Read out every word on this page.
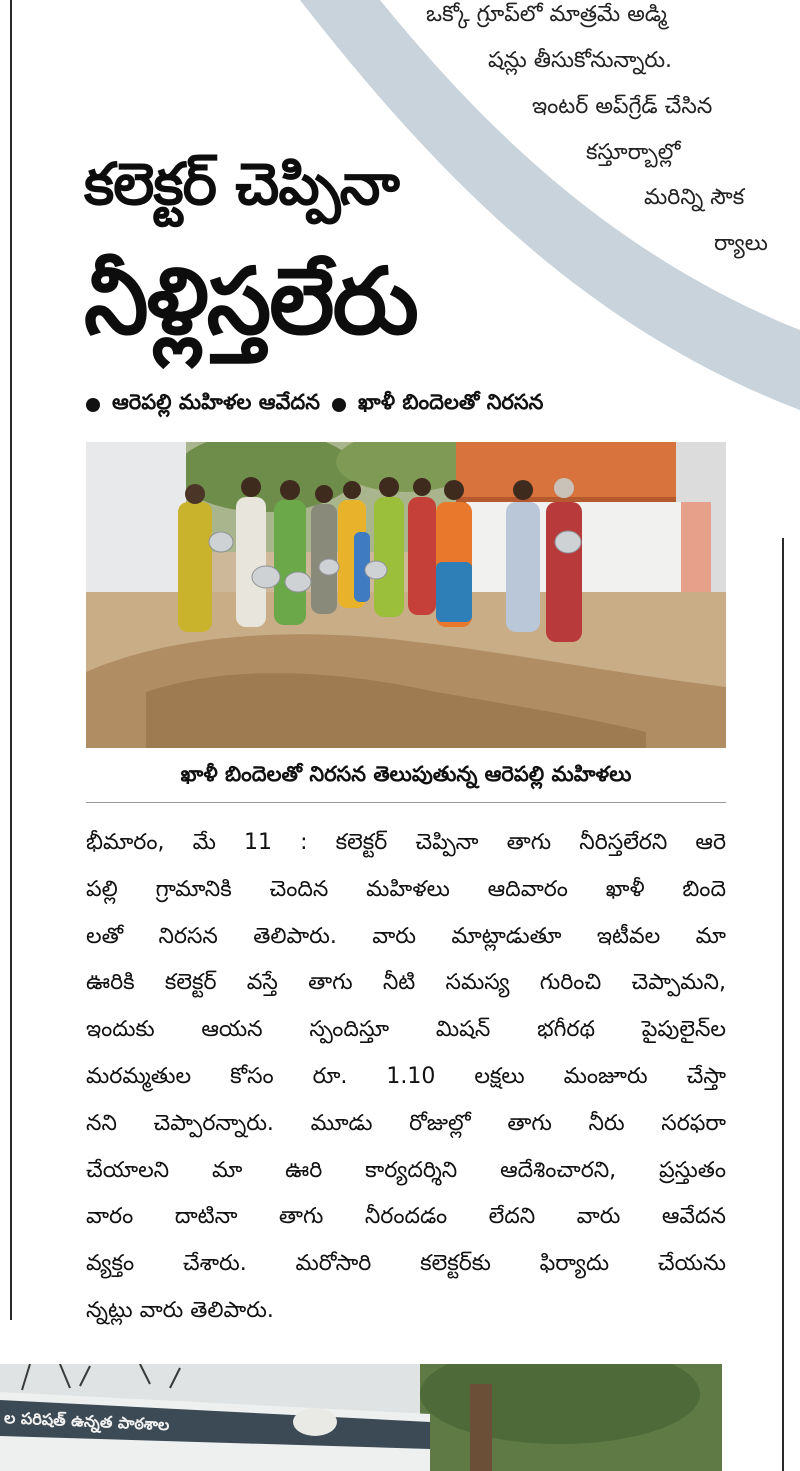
ఒక్కో గ్రూప్‌లో మాత్రమే అడ్మి
షన్లు తీసుకోనున్నారు.
ఇంటర్ అప్‌గ్రేడ్ చేసిన
కస్తూర్బాల్లో
మరిన్ని సౌక
ర్యాలు
కలెక్టర్ చెప్పినా
నీళ్లిస్తలేరు
ఆరెపల్లి మహిళల ఆవేదన ఖాళీ బిందెలతో నిరసన
ఖాళీ బిందెలతో నిరసన తెలుపుతున్న ఆరెపల్లి మహిళలు
భీమారం, మే 11 : కలెక్టర్ చెప్పినా తాగు నీరిస్తలేరని ఆరె
పల్లి గ్రామానికి చెందిన మహిళలు ఆదివారం ఖాళీ బిందె
లతో నిరసన తెలిపారు. వారు మాట్లాడుతూ ఇటీవల మా
ఊరికి కలెక్టర్ వస్తే తాగు నీటి సమస్య గురించి చెప్పామని,
ఇందుకు ఆయన స్పందిస్తూ మిషన్ భగీరథ పైపులైన్‌ల
మరమ్మతుల కోసం రూ. 1.10 లక్షలు మంజూరు చేస్తా
నని చెప్పారన్నారు. మూడు రోజుల్లో తాగు నీరు సరఫరా
చేయాలని మా ఊరి కార్యదర్శిని ఆదేశించారని, ప్రస్తుతం
వారం దాటినా తాగు నీరందడం లేదని వారు ఆవేదన
వ్యక్తం చేశారు. మరోసారి కలెక్టర్‌కు ఫిర్యాదు చేయను
న్నట్లు వారు తెలిపారు.
ల పరిషత్ ఉన్నత పాఠశాల
